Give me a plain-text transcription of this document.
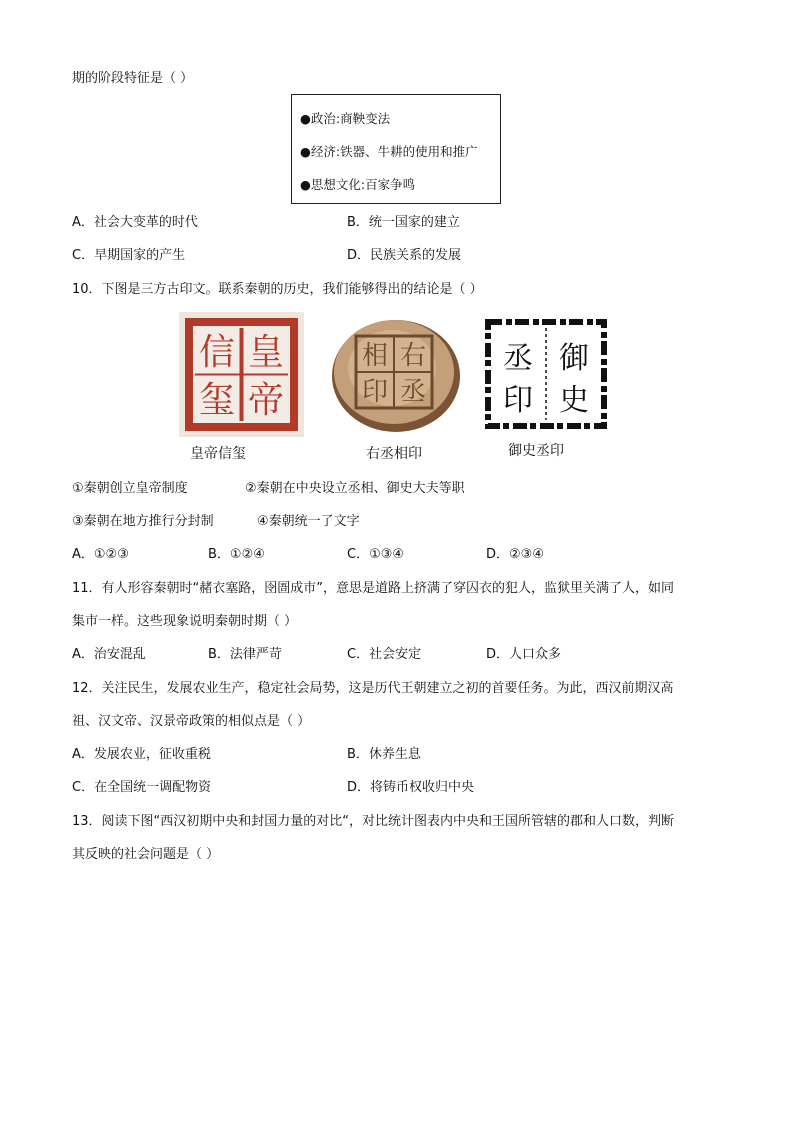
期的阶段特征是（ ）
●政治:商鞅变法
●经济:铁器、牛耕的使用和推广
●思想文化:百家争鸣
A．社会大变革的时代	B．统一国家的建立
C．早期国家的产生	D．民族关系的发展
10．下图是三方古印文。联系秦朝的历史，我们能够得出的结论是（ ）
皇
帝
信
玺
皇帝信玺
右
丞
相
印
右丞相印
御
史
丞
印
御史丞印
①秦朝创立皇帝制度	②秦朝在中央设立丞相、御史大夫等职
③秦朝在地方推行分封制	④秦朝统一了文字
A．①②③	B．①②④	C．①③④	D．②③④
11．有人形容秦朝时“赭衣塞路，囹圄成市”，意思是道路上挤满了穿囚衣的犯人，监狱里关满了人，如同
集市一样。这些现象说明秦朝时期（ ）
A．治安混乱	B．法律严苛	C．社会安定	D．人口众多
12．关注民生，发展农业生产，稳定社会局势，这是历代王朝建立之初的首要任务。为此，西汉前期汉高
祖、汉文帝、汉景帝政策的相似点是（ ）
A．发展农业，征收重税	B．休养生息
C．在全国统一调配物资	D．将铸币权收归中央
13．阅读下图“西汉初期中央和封国力量的对比“，对比统计图表内中央和王国所管辖的郡和人口数，判断
其反映的社会问题是（ ）
